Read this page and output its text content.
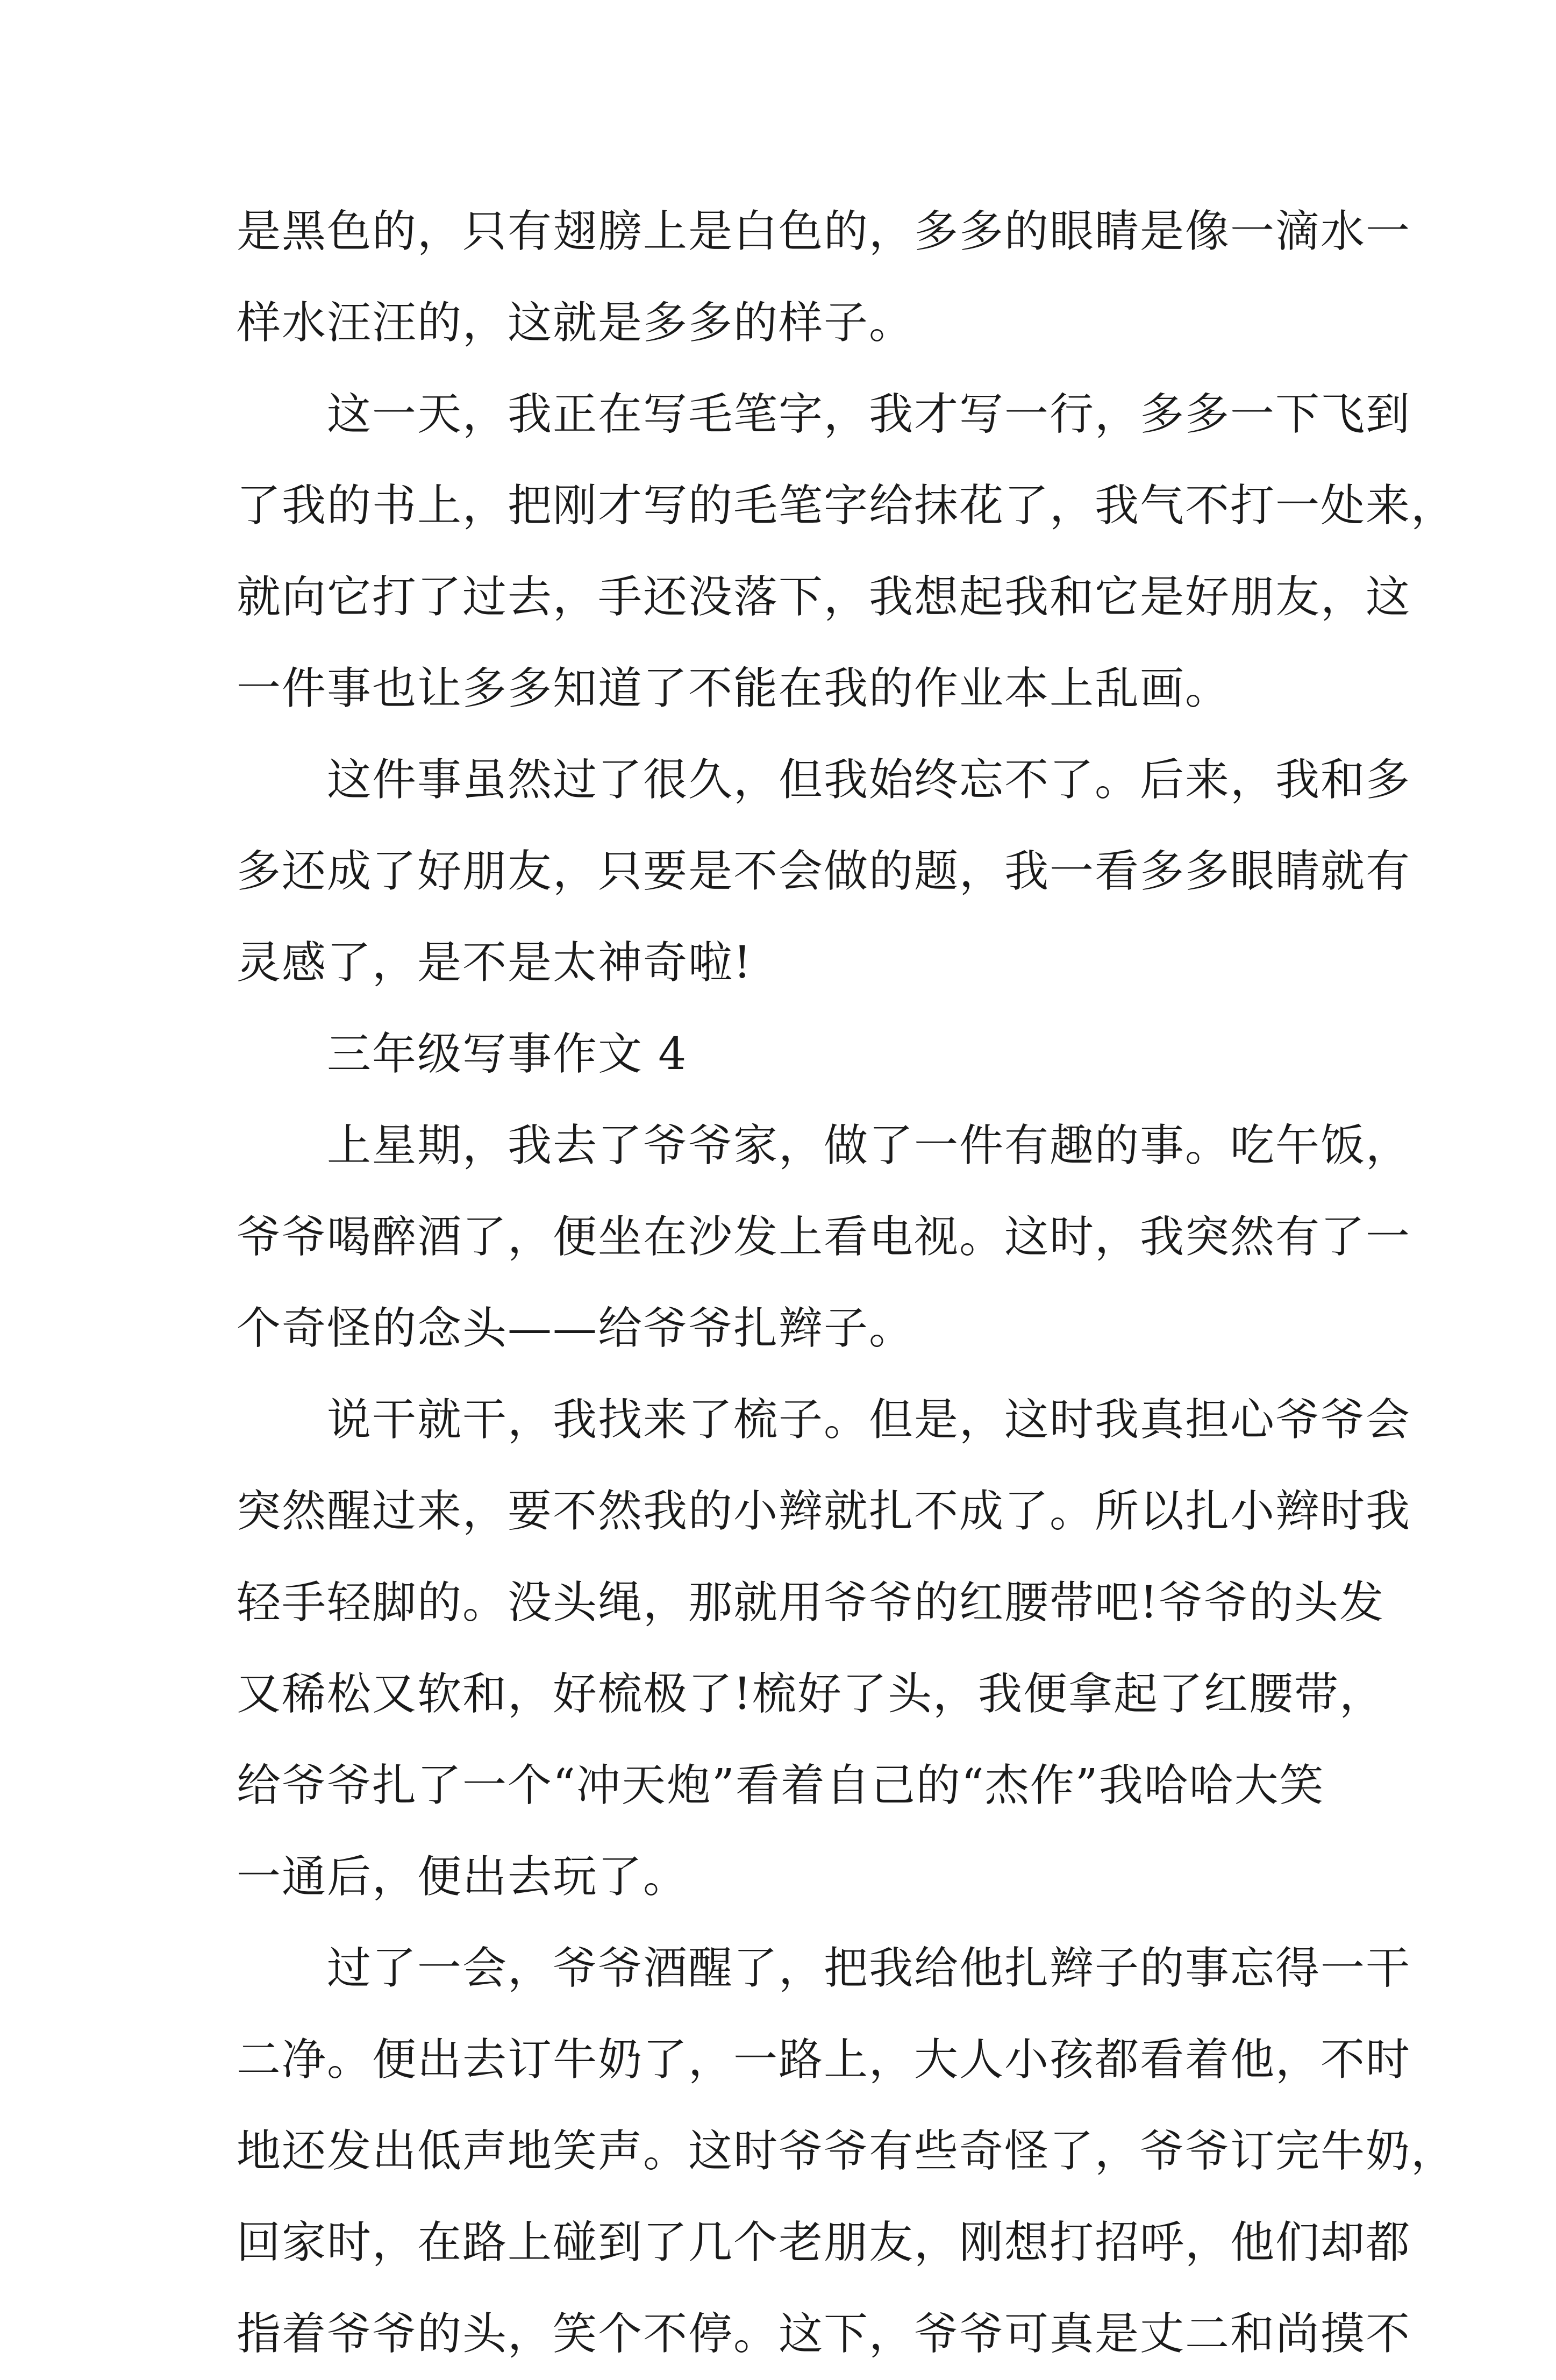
是黑色的，只有翅膀上是白色的，多多的眼睛是像一滴水一
样水汪汪的，这就是多多的样子。
这一天，我正在写毛笔字，我才写一行，多多一下飞到
了我的书上，把刚才写的毛笔字给抹花了，我气不打一处来，
就向它打了过去，手还没落下，我想起我和它是好朋友，这
一件事也让多多知道了不能在我的作业本上乱画。
这件事虽然过了很久，但我始终忘不了。后来，我和多
多还成了好朋友，只要是不会做的题，我一看多多眼睛就有
灵感了，是不是太神奇啦!
三年级写事作文 4
上星期，我去了爷爷家，做了一件有趣的事。吃午饭，
爷爷喝醉酒了，便坐在沙发上看电视。这时，我突然有了一
个奇怪的念头——给爷爷扎辫子。
说干就干，我找来了梳子。但是，这时我真担心爷爷会
突然醒过来，要不然我的小辫就扎不成了。所以扎小辫时我
轻手轻脚的。没头绳，那就用爷爷的红腰带吧!爷爷的头发
又稀松又软和，好梳极了!梳好了头，我便拿起了红腰带，
给爷爷扎了一个“冲天炮”看着自己的“杰作”我哈哈大笑
一通后，便出去玩了。
过了一会，爷爷酒醒了，把我给他扎辫子的事忘得一干
二净。便出去订牛奶了，一路上，大人小孩都看着他，不时
地还发出低声地笑声。这时爷爷有些奇怪了，爷爷订完牛奶，
回家时，在路上碰到了几个老朋友，刚想打招呼，他们却都
指着爷爷的头，笑个不停。这下，爷爷可真是丈二和尚摸不
